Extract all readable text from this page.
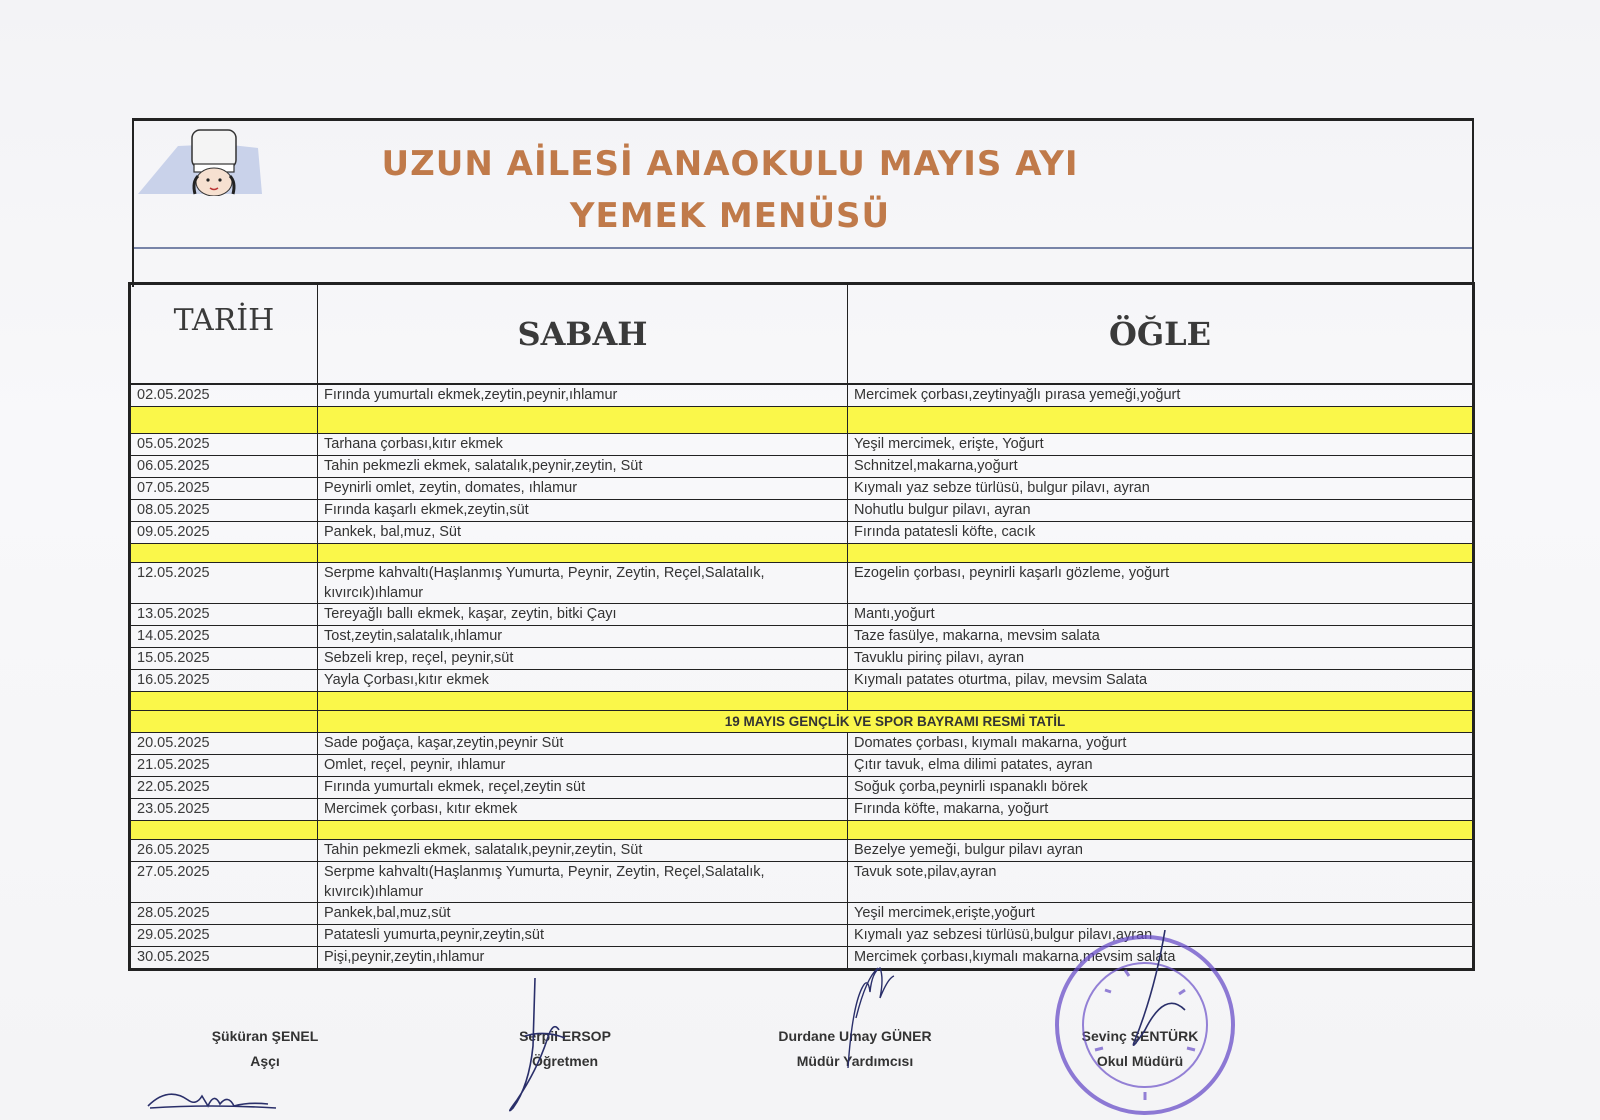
UZUN AİLESİ ANAOKULU MAYIS AYI
YEMEK MENÜSÜ
TARİH	SABAH	ÖĞLE
02.05.2025	Fırında yumurtalı ekmek,zeytin,peynir,ıhlamur	Mercimek çorbası,zeytinyağlı pırasa yemeği,yoğurt

05.05.2025	Tarhana çorbası,kıtır ekmek	Yeşil mercimek, erişte, Yoğurt
06.05.2025	Tahin pekmezli ekmek, salatalık,peynir,zeytin, Süt	Schnitzel,makarna,yoğurt
07.05.2025	Peynirli omlet, zeytin, domates, ıhlamur	Kıymalı yaz sebze türlüsü, bulgur pilavı, ayran
08.05.2025	Fırında kaşarlı ekmek,zeytin,süt	Nohutlu bulgur pilavı, ayran
09.05.2025	Pankek, bal,muz, Süt	Fırında patatesli köfte, cacık

12.05.2025	Serpme kahvaltı(Haşlanmış Yumurta, Peynir, Zeytin, Reçel,Salatalık, kıvırcık)ıhlamur	Ezogelin çorbası, peynirli kaşarlı gözleme, yoğurt
13.05.2025	Tereyağlı ballı ekmek, kaşar, zeytin, bitki Çayı	Mantı,yoğurt
14.05.2025	Tost,zeytin,salatalık,ıhlamur	Taze fasülye, makarna, mevsim salata
15.05.2025	Sebzeli krep, reçel, peynir,süt	Tavuklu pirinç pilavı, ayran
16.05.2025	Yayla Çorbası,kıtır ekmek	Kıymalı patates oturtma, pilav, mevsim Salata

	19 MAYIS GENÇLİK VE SPOR BAYRAMI RESMİ TATİL	
20.05.2025	Sade poğaça, kaşar,zeytin,peynir Süt	Domates çorbası, kıymalı makarna, yoğurt
21.05.2025	Omlet, reçel, peynir, ıhlamur	Çıtır tavuk, elma dilimi patates, ayran
22.05.2025	Fırında yumurtalı ekmek, reçel,zeytin süt	Soğuk çorba,peynirli ıspanaklı börek
23.05.2025	Mercimek çorbası, kıtır ekmek	Fırında köfte, makarna, yoğurt

26.05.2025	Tahin pekmezli ekmek, salatalık,peynir,zeytin, Süt	Bezelye yemeği, bulgur pilavı ayran
27.05.2025	Serpme kahvaltı(Haşlanmış Yumurta, Peynir, Zeytin, Reçel,Salatalık, kıvırcık)ıhlamur	Tavuk sote,pilav,ayran
28.05.2025	Pankek,bal,muz,süt	Yeşil mercimek,erişte,yoğurt
29.05.2025	Patatesli yumurta,peynir,zeytin,süt	Kıymalı yaz sebzesi türlüsü,bulgur pilavı,ayran
30.05.2025	Pişi,peynir,zeytin,ıhlamur	Mercimek çorbası,kıymalı makarna,mevsim salata
Şüküran ŞENEL
Aşçı
Serpil ERSOP
Öğretmen
Durdane Umay GÜNER
Müdür Yardımcısı
Sevinç ŞENTÜRK
Okul Müdürü
